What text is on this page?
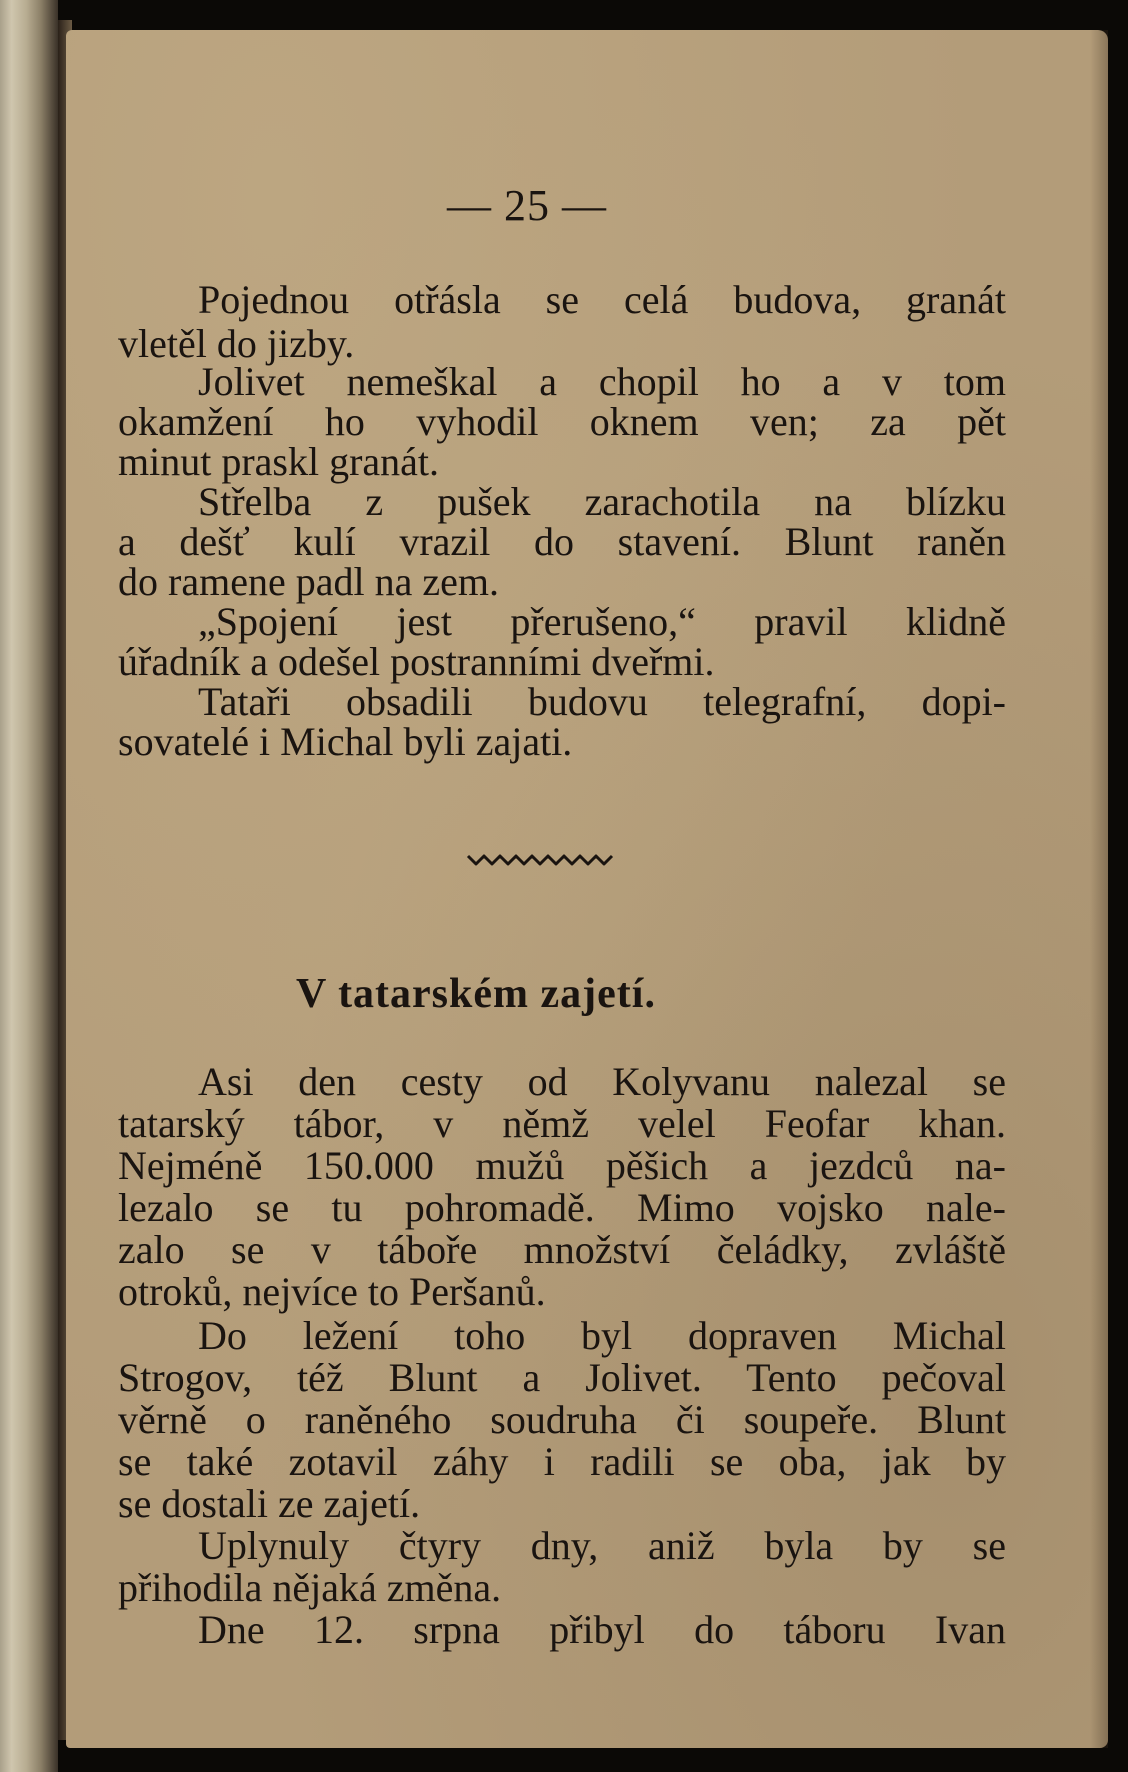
— 25 —
Pojednou otřásla se celá budova, granát
vletěl do jizby.
Jolivet nemeškal a chopil ho a v tom
okamžení ho vyhodil oknem ven; za pět
minut praskl granát.
Střelba z pušek zarachotila na blízku
a dešť kulí vrazil do stavení. Blunt raněn
do ramene padl na zem.
„Spojení jest přerušeno,“ pravil klidně
úřadník a odešel postranními dveřmi.
Tataři obsadili budovu telegrafní, dopi-
sovatelé i Michal byli zajati.
V tatarském zajetí.
Asi den cesty od Kolyvanu nalezal se
tatarský tábor, v němž velel Feofar khan.
Nejméně 150.000 mužů pěšich a jezdců na-
lezalo se tu pohromadě. Mimo vojsko nale-
zalo se v táboře množství čeládky, zvláště
otroků, nejvíce to Peršanů.
Do ležení toho byl dopraven Michal
Strogov, též Blunt a Jolivet. Tento pečoval
věrně o raněného soudruha či soupeře. Blunt
se také zotavil záhy i radili se oba, jak by
se dostali ze zajetí.
Uplynuly čtyry dny, aniž byla by se
přihodila nějaká změna.
Dne 12. srpna přibyl do táboru Ivan
